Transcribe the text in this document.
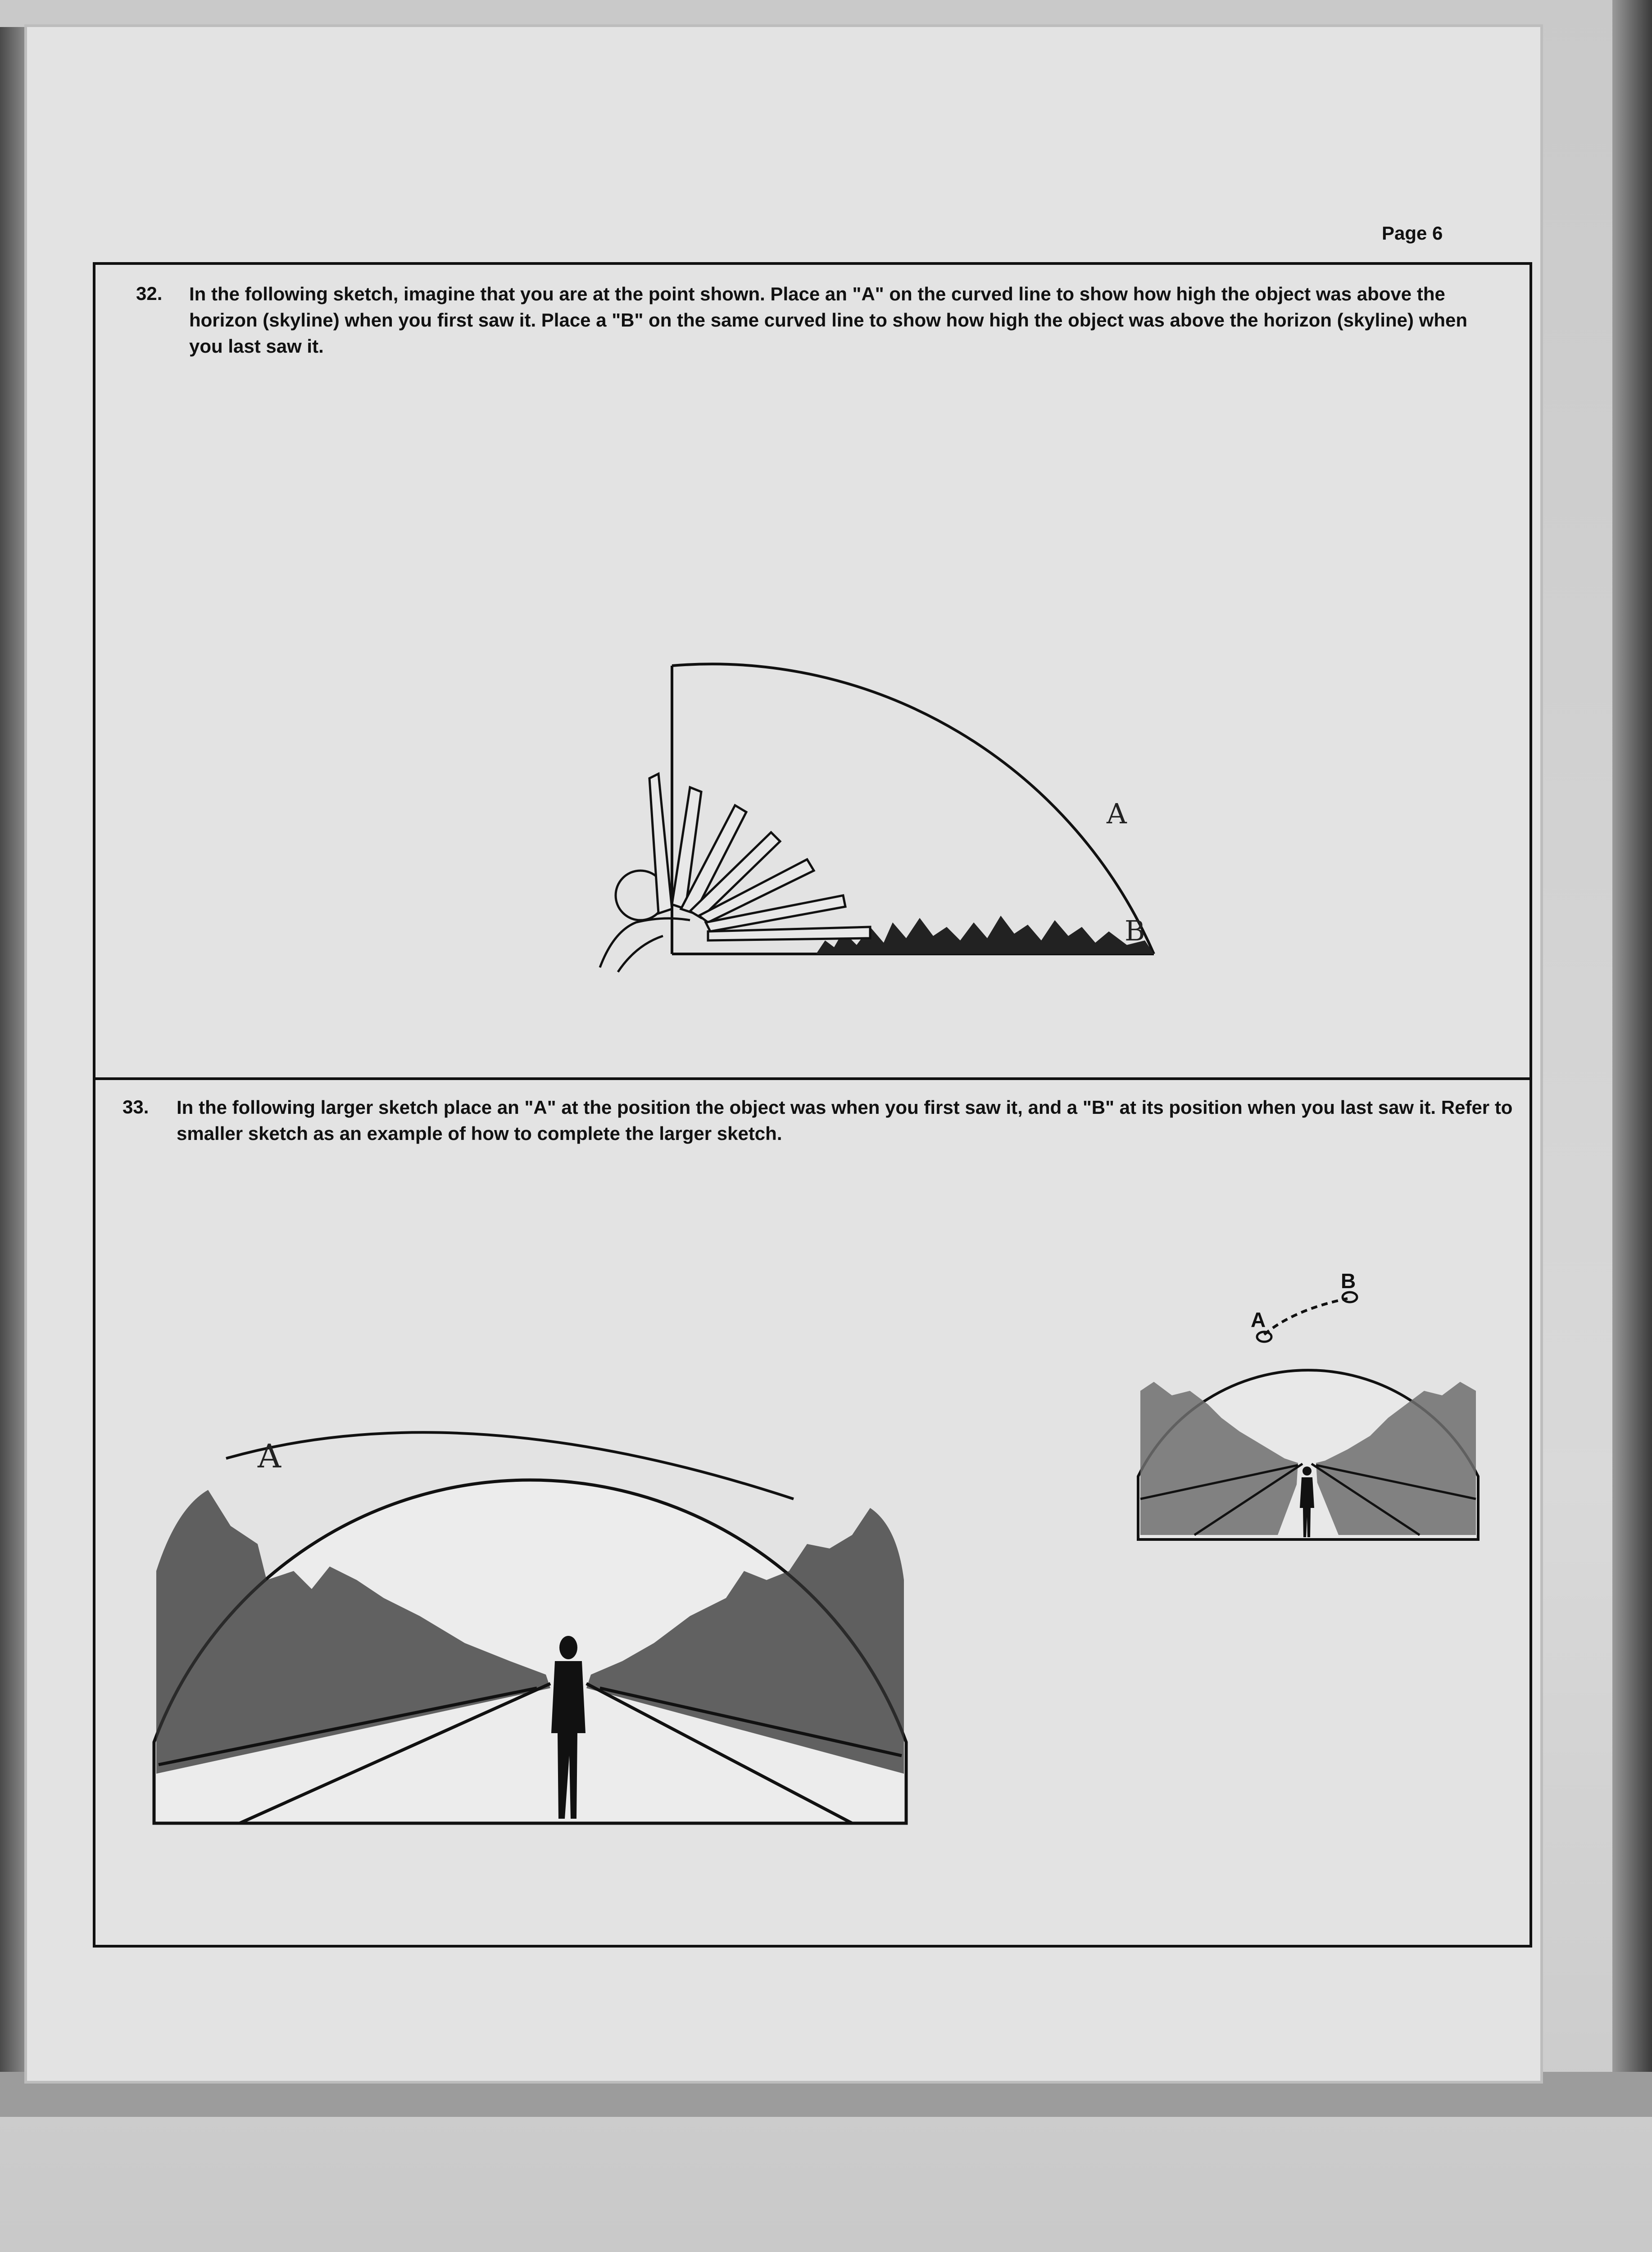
Page 6
32. In the following sketch, imagine that you are at the point shown. Place an "A" on the curved line to show how high the object was above the horizon (skyline) when you first saw it. Place a "B" on the same curved line to show how high the object was above the horizon (skyline) when you last saw it.

A
B
33. In the following larger sketch place an "A" at the position the object was when you first saw it, and a "B" at its position when you last saw it. Refer to smaller sketch as an example of how to complete the larger sketch.

A
A
B
